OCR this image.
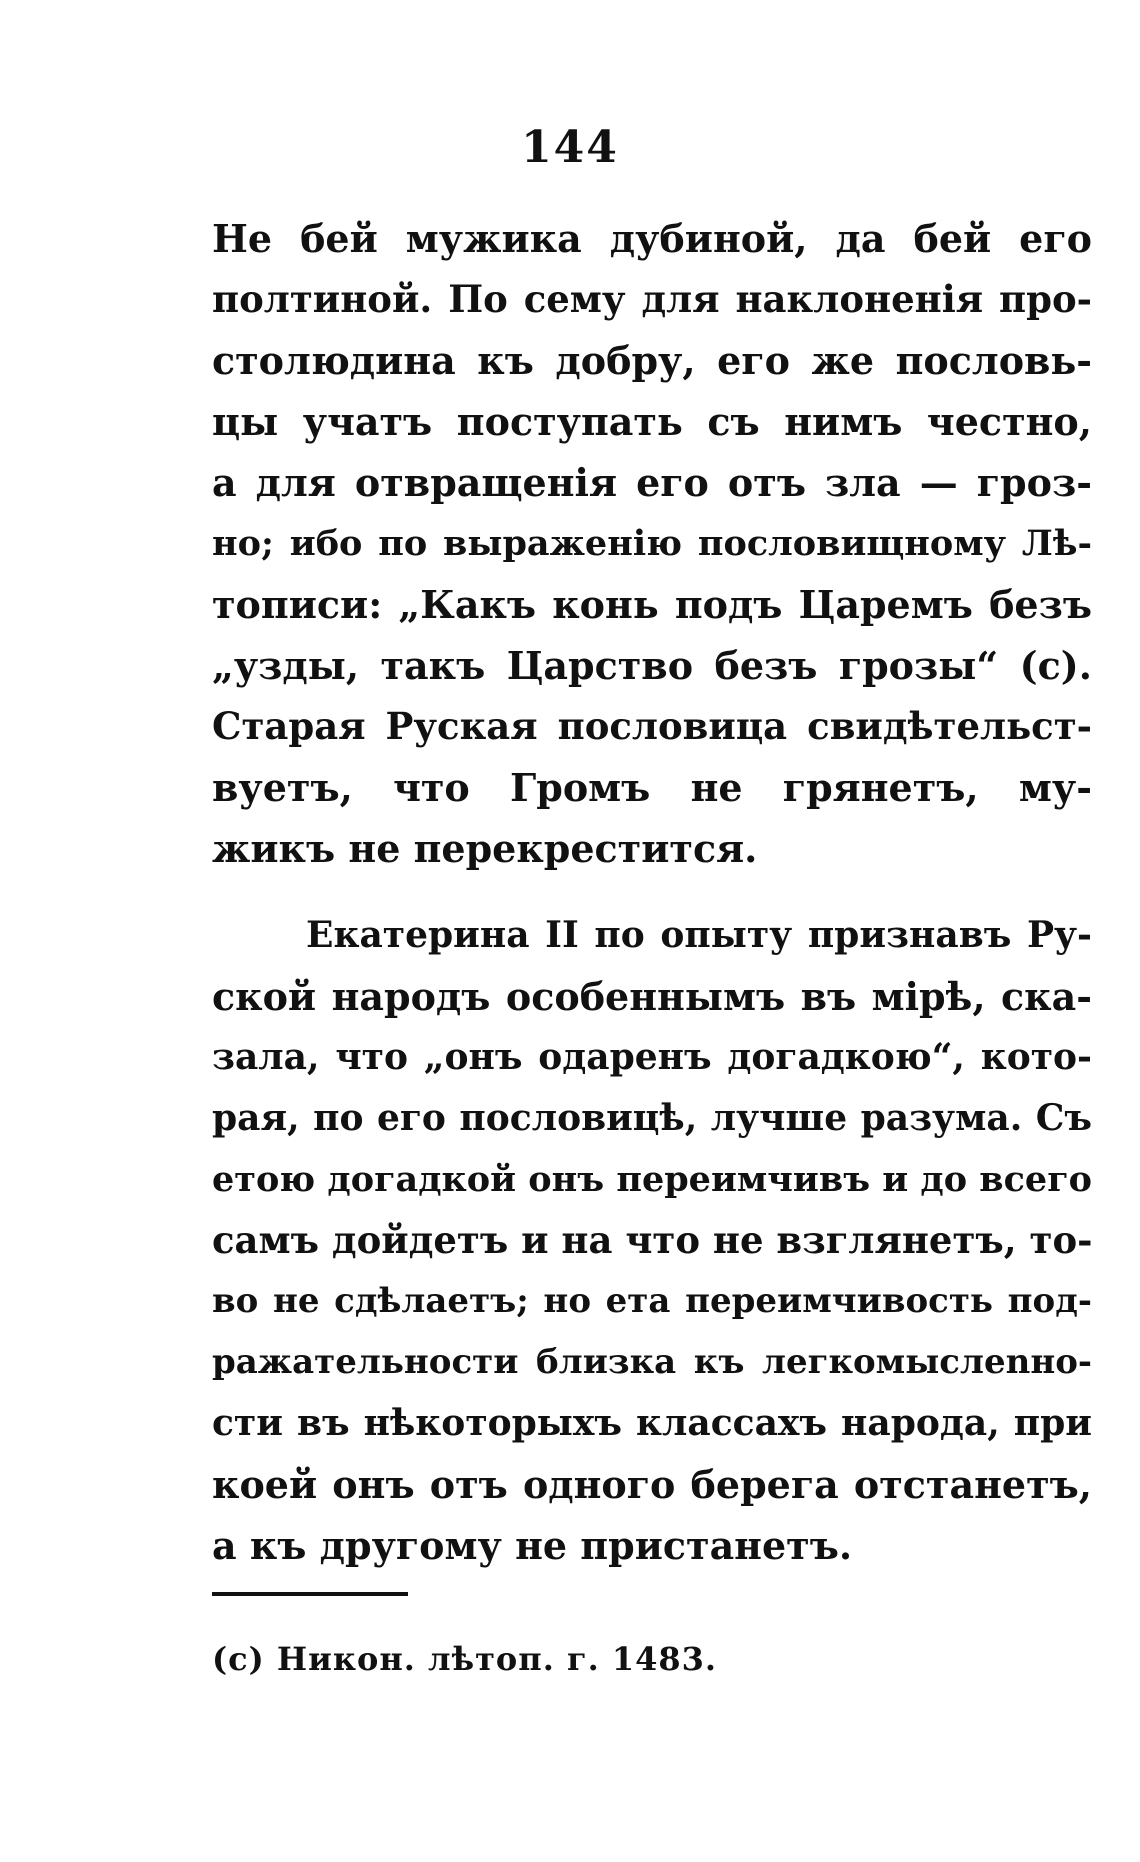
144
Не бей мужика дубиной, да бей его
полтиной. По сему для наклоненія про-
столюдина къ добру, его же пословь-
цы учатъ поступать съ нимъ честно,
а для отвращенія его отъ зла — гроз-
но; ибо по выраженію пословищному Лѣ-
тописи: „Какъ конь подъ Царемъ безъ
„узды, такъ Царство безъ грозы“ (с).
Старая Руская пословица свидѣтельст-
вуетъ, что Громъ не грянетъ, му-
жикъ не перекрестится.
Екатерина II по опыту признавъ Ру-
ской народъ особеннымъ въ мірѣ, ска-
зала, что „онъ одаренъ догадкою“, кото-
рая, по его пословицѣ, лучше разума. Съ
етою догадкой онъ переимчивъ и до всего
самъ дойдетъ и на что не взглянетъ, то-
во не сдѣлаетъ; но ета переимчивость под-
ражательности близка къ легкомыслenно-
сти въ нѣкоторыхъ классахъ народа, при
коей онъ отъ одного берега отстанетъ,
а къ другому не пристанетъ.
(с) Никон. лѣтоп. г. 1483.
